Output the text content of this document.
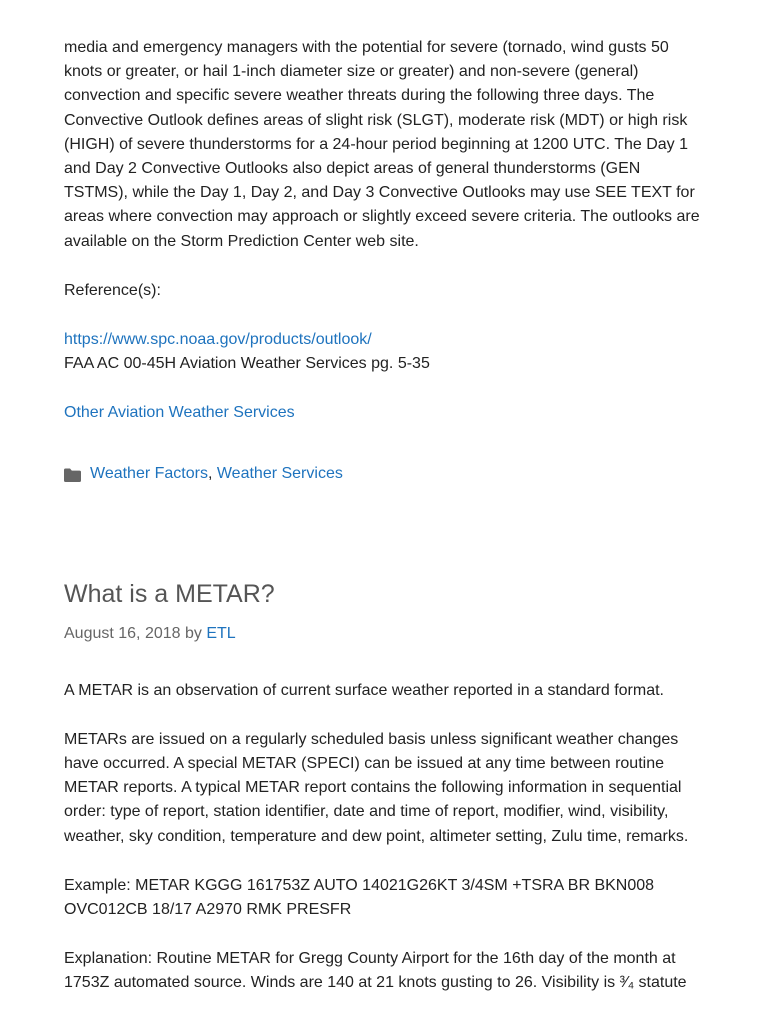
media and emergency managers with the potential for severe (tornado, wind gusts 50 knots or greater, or hail 1-inch diameter size or greater) and non-severe (general) convection and specific severe weather threats during the following three days. The Convective Outlook defines areas of slight risk (SLGT), moderate risk (MDT) or high risk (HIGH) of severe thunderstorms for a 24-hour period beginning at 1200 UTC. The Day 1 and Day 2 Convective Outlooks also depict areas of general thunderstorms (GEN TSTMS), while the Day 1, Day 2, and Day 3 Convective Outlooks may use SEE TEXT for areas where convection may approach or slightly exceed severe criteria. The outlooks are available on the Storm Prediction Center web site.

Reference(s):

https://www.spc.noaa.gov/products/outlook/
FAA AC 00-45H Aviation Weather Services pg. 5-35

Other Aviation Weather Services

Weather Factors , Weather Services
What is a METAR?
August 16, 2018 by ETL

A METAR is an observation of current surface weather reported in a standard format.

METARs are issued on a regularly scheduled basis unless significant weather changes have occurred. A special METAR (SPECI) can be issued at any time between routine METAR reports. A typical METAR report contains the following information in sequential order: type of report, station identifier, date and time of report, modifier, wind, visibility, weather, sky condition, temperature and dew point, altimeter setting, Zulu time, remarks.

Example: METAR KGGG 161753Z AUTO 14021G26KT 3/4SM +TSRA BR BKN008 OVC012CB 18/17 A2970 RMK PRESFR

Explanation: Routine METAR for Gregg County Airport for the 16th day of the month at 1753Z automated source. Winds are 140 at 21 knots gusting to 26. Visibility is ³⁄₄ statute
